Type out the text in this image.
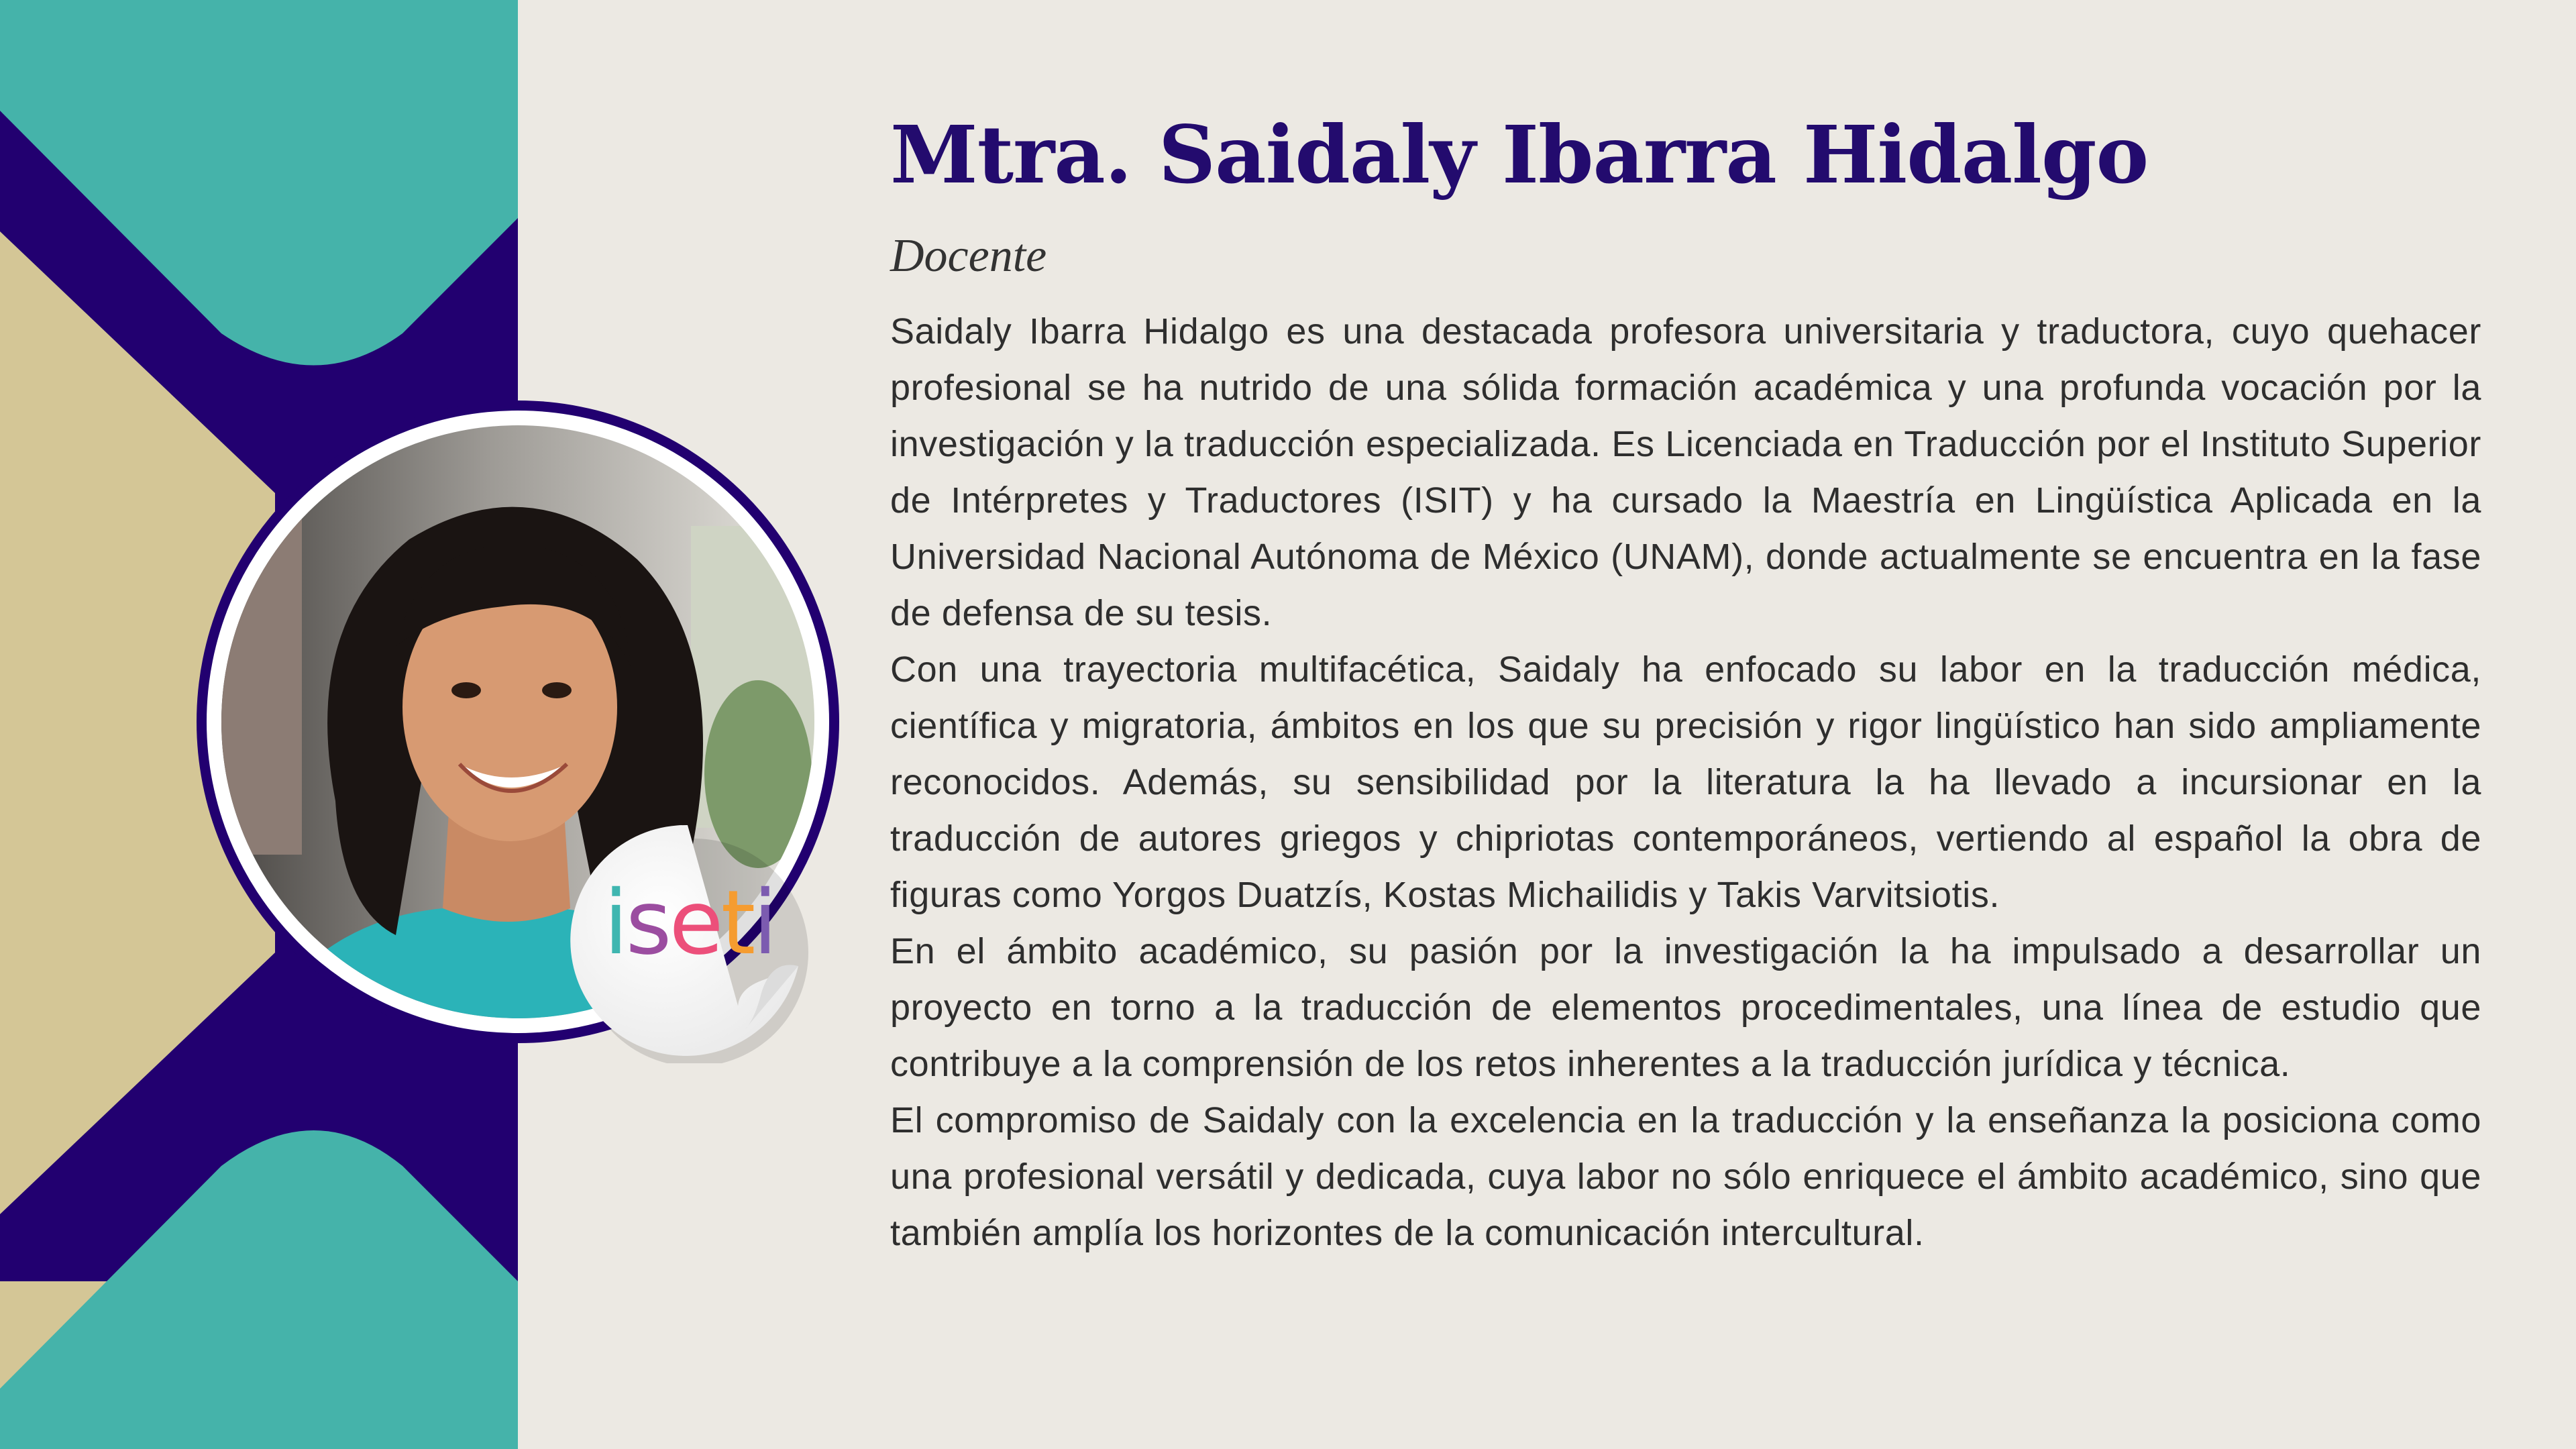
iseti
Mtra. Saidaly Ibarra Hidalgo
Docente

Saidaly Ibarra Hidalgo es una destacada profesora universitaria y traductora, cuyo quehacer profesional se ha nutrido de una sólida formación académica y una profunda vocación por la investigación y la traducción especializada. Es Licenciada en Traducción por el Instituto Superior de Intérpretes y Traductores (ISIT) y ha cursado la Maestría en Lingüística Aplicada en la Universidad Nacional Autónoma de México (UNAM), donde actualmente se encuentra en la fase de defensa de su tesis.

Con una trayectoria multifacética, Saidaly ha enfocado su labor en la traducción médica, científica y migratoria, ámbitos en los que su precisión y rigor lingüístico han sido ampliamente reconocidos. Además, su sensibilidad por la literatura la ha llevado a incursionar en la traducción de autores griegos y chipriotas contemporáneos, vertiendo al español la obra de figuras como Yorgos Duatzís, Kostas Michailidis y Takis Varvitsiotis.

En el ámbito académico, su pasión por la investigación la ha impulsado a desarrollar un proyecto en torno a la traducción de elementos procedimentales, una línea de estudio que contribuye a la comprensión de los retos inherentes a la traducción jurídica y técnica.

El compromiso de Saidaly con la excelencia en la traducción y la enseñanza la posiciona como una profesional versátil y dedicada, cuya labor no sólo enriquece el ámbito académico, sino que también amplía los horizontes de la comunicación intercultural.
